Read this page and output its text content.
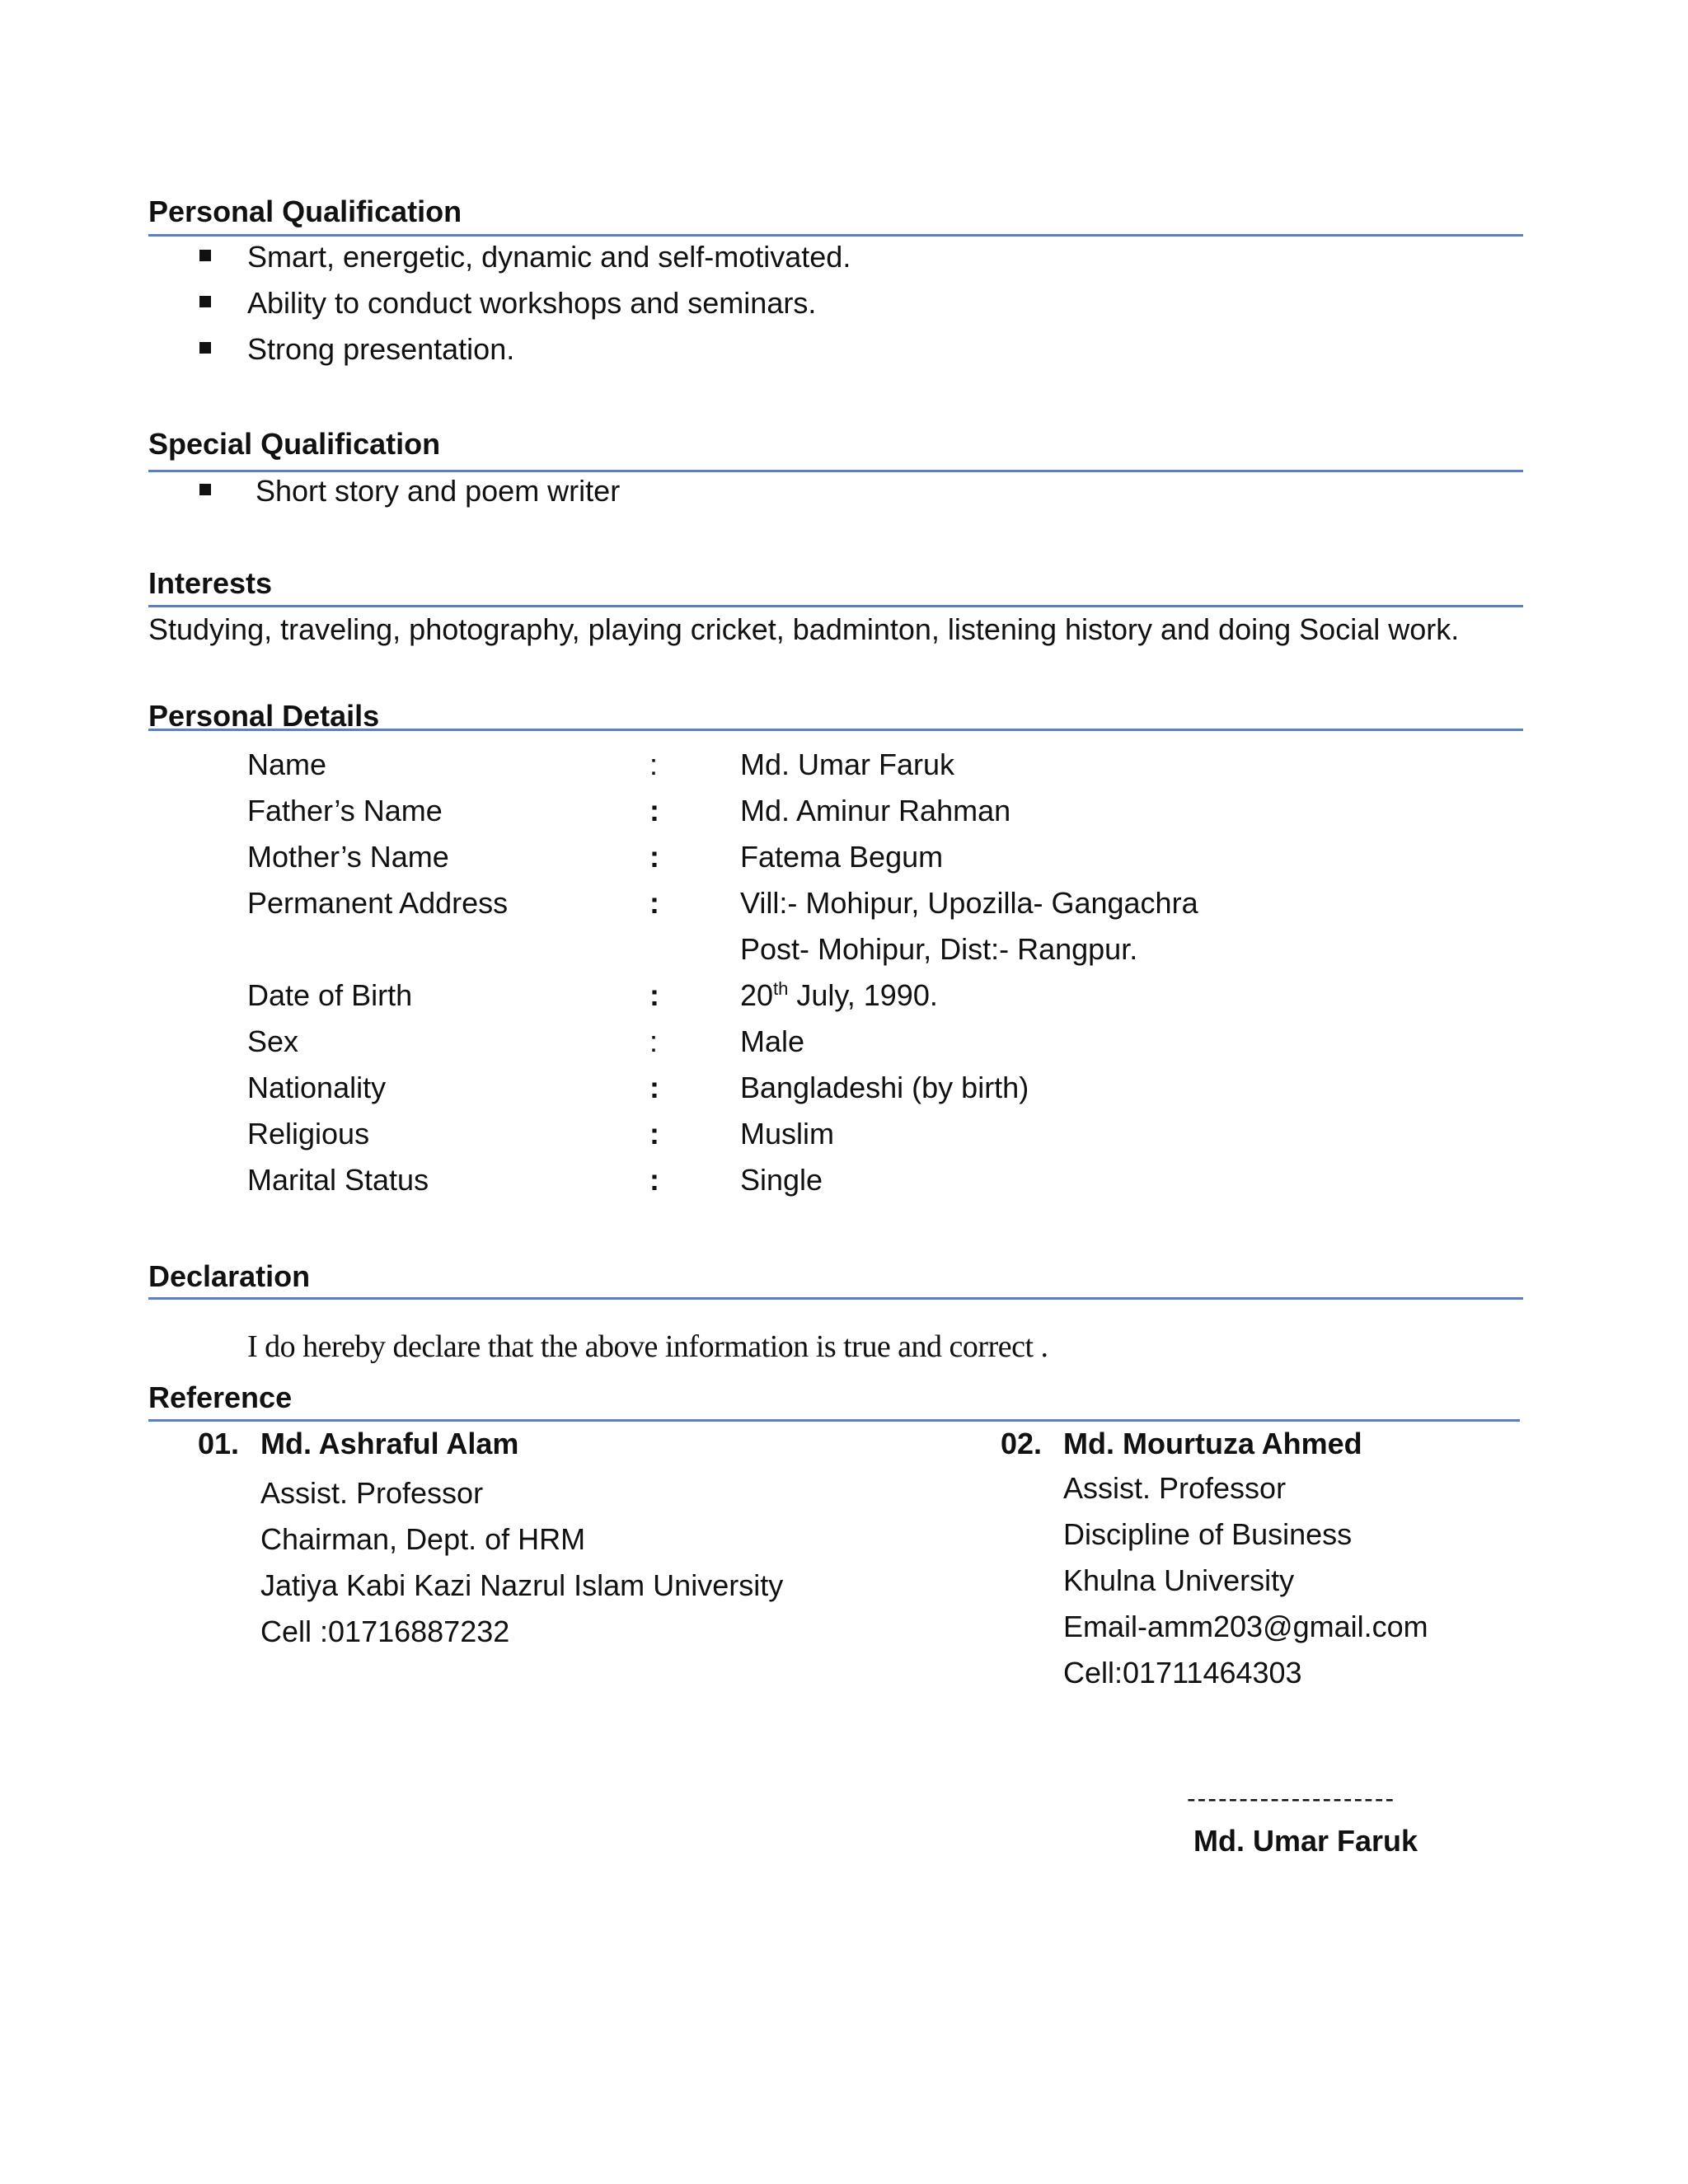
Personal Qualification
Smart, energetic, dynamic and self-motivated.
Ability to conduct workshops and seminars.
Strong presentation.
Special Qualification
Short story and poem writer
Interests
Studying, traveling, photography, playing cricket, badminton, listening history and doing Social work.
Personal Details
Name	:	Md. Umar Faruk
Father’s Name	:	Md. Aminur Rahman
Mother’s Name	:	Fatema Begum
Permanent Address	:	Vill:- Mohipur, Upozilla- Gangachra
Post- Mohipur, Dist:- Rangpur.
Date of Birth	:	20th July, 1990.
Sex	:	Male
Nationality	:	Bangladeshi (by birth)
Religious	:	Muslim
Marital Status	:	Single
Declaration
I do hereby declare that the above information is true and correct .
Reference
01. Md. Ashraful Alam
Assist. Professor
Chairman, Dept. of HRM
Jatiya Kabi Kazi Nazrul Islam University
Cell :01716887232
02. Md. Mourtuza Ahmed
Assist. Professor
Discipline of Business
Khulna University
Email-amm203@gmail.com
Cell:01711464303
--------------------
Md. Umar Faruk
